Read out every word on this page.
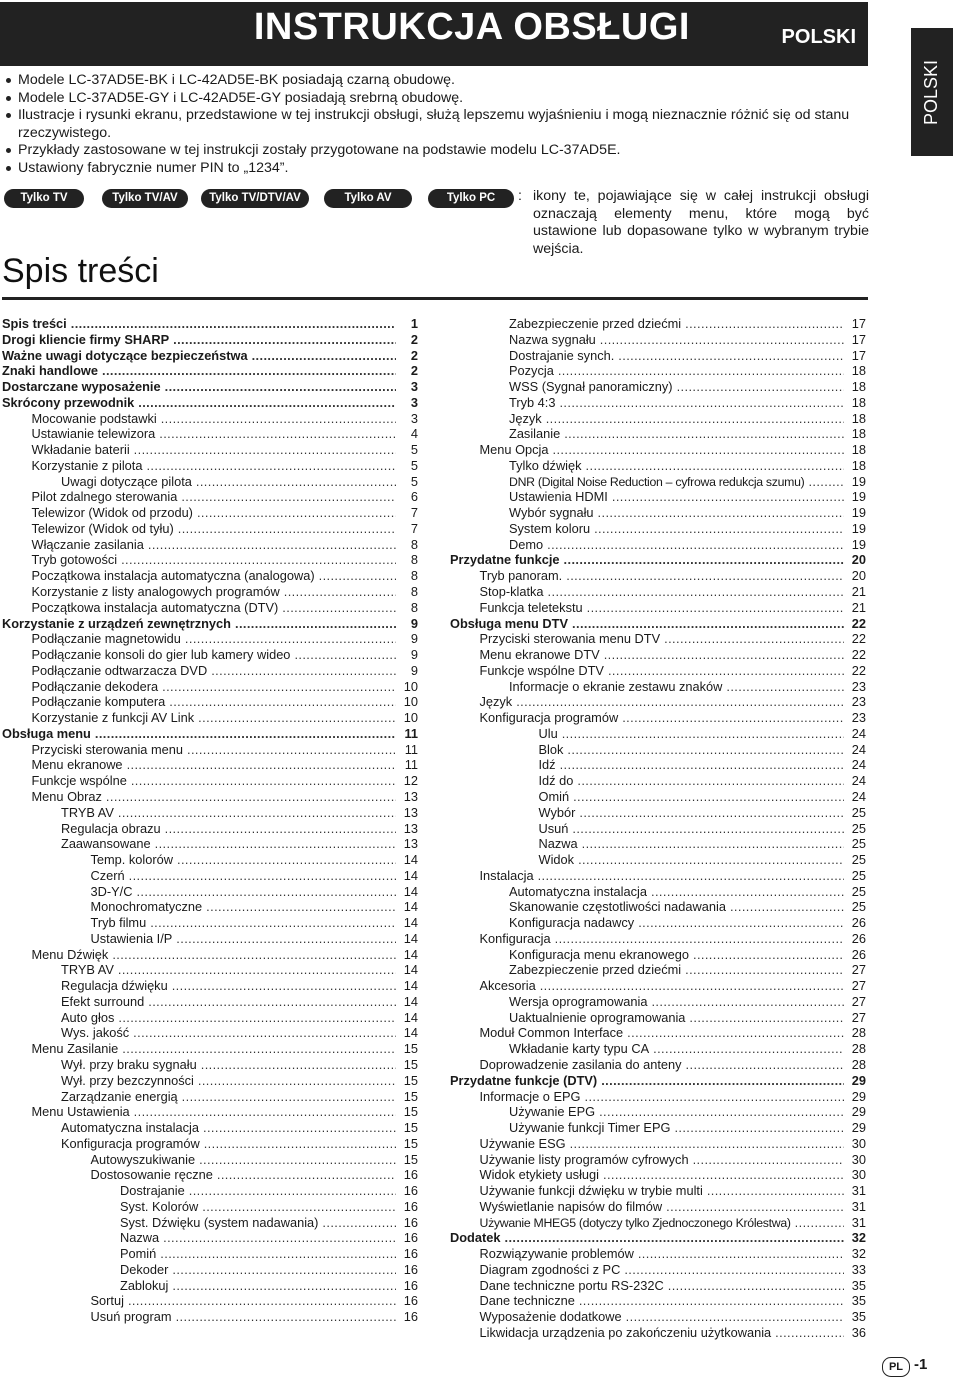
INSTRUKCJA OBSŁUGI	POLSKI
POLSKI
Modele LC-37AD5E-BK i LC-42AD5E-BK posiadają czarną obudowę.
Modele LC-37AD5E-GY i LC-42AD5E-GY posiadają srebrną obudowę.
Ilustracje i rysunki ekranu, przedstawione w tej instrukcji obsługi, służą lepszemu wyjaśnieniu i mogą nieznacznie różnić się od stanu rzeczywistego.
Przykłady zastosowane w tej instrukcji zostały przygotowane na podstawie modelu LC-37AD5E.
Ustawiony fabrycznie numer PIN to „1234”.
Tylko TV	Tylko TV/AV	Tylko TV/DTV/AV	Tylko AV	Tylko PC	: ikony te, pojawiające się w całej instrukcji obsługi oznaczają elementy menu, które mogą być ustawione lub dopasowane tylko w wybranym trybie wejścia.
Spis treści
Spis treści .....	1
Drogi kliencie firmy SHARP .....	2
Ważne uwagi dotyczące bezpieczeństwa .....	2
Znaki handlowe .....	2
Dostarczane wyposażenie .....	3
Skrócony przewodnik .....	3
Mocowanie podstawki .....	3
Ustawianie telewizora .....	4
Wkładanie baterii .....	5
Korzystanie z pilota .....	5
Uwagi dotyczące pilota .....	5
Pilot zdalnego sterowania .....	6
Telewizor (Widok od przodu) .....	7
Telewizor (Widok od tyłu) .....	7
Włączanie zasilania .....	8
Tryb gotowości .....	8
Początkowa instalacja automatyczna (analogowa) .....	8
Korzystanie z listy analogowych programów .....	8
Początkowa instalacja automatyczna (DTV) .....	8
Korzystanie z urządzeń zewnętrznych .....	9
Podłączanie magnetowidu .....	9
Podłączanie konsoli do gier lub kamery wideo .....	9
Podłączanie odtwarzacza DVD .....	9
Podłączanie dekodera .....	10
Podłączanie komputera .....	10
Korzystanie z funkcji AV Link .....	10
Obsługa menu .....	11
Przyciski sterowania menu .....	11
Menu ekranowe .....	11
Funkcje wspólne .....	12
Menu Obraz .....	13
TRYB AV .....	13
Regulacja obrazu .....	13
Zaawansowane .....	13
Temp. kolorów .....	14
Czerń .....	14
3D-Y/C .....	14
Monochromatyczne .....	14
Tryb filmu .....	14
Ustawienia I/P .....	14
Menu Dźwięk .....	14
TRYB AV .....	14
Regulacja dźwięku .....	14
Efekt surround .....	14
Auto głos .....	14
Wys. jakość .....	14
Menu Zasilanie .....	15
Wył. przy braku sygnału .....	15
Wył. przy bezczynności .....	15
Zarządzanie energią .....	15
Menu Ustawienia .....	15
Automatyczna instalacja .....	15
Konfiguracja programów .....	15
Autowyszukiwanie .....	15
Dostosowanie ręczne .....	16
Dostrajanie .....	16
Syst. Kolorów .....	16
Syst. Dźwięku (system nadawania) .....	16
Nazwa .....	16
Pomiń .....	16
Dekoder .....	16
Zablokuj .....	16
Sortuj .....	16
Usuń program .....	16
Zabezpieczenie przed dziećmi .....	17
Nazwa sygnału .....	17
Dostrajanie synch. .....	17
Pozycja .....	18
WSS (Sygnał panoramiczny) .....	18
Tryb 4:3 .....	18
Język .....	18
Zasilanie .....	18
Menu Opcja .....	18
Tylko dźwięk .....	18
DNR (Digital Noise Reduction – cyfrowa redukcja szumu) .....	19
Ustawienia HDMI .....	19
Wybór sygnału .....	19
System koloru .....	19
Demo .....	19
Przydatne funkcje .....	20
Tryb panoram. .....	20
Stop-klatka .....	21
Funkcja teletekstu .....	21
Obsługa menu DTV .....	22
Przyciski sterowania menu DTV .....	22
Menu ekranowe DTV .....	22
Funkcje wspólne DTV .....	22
Informacje o ekranie zestawu znaków .....	23
Język .....	23
Konfiguracja programów .....	23
Ulu .....	24
Blok .....	24
Idź .....	24
Idź do .....	24
Omiń .....	24
Wybór .....	25
Usuń .....	25
Nazwa .....	25
Widok .....	25
Instalacja .....	25
Automatyczna instalacja .....	25
Skanowanie częstotliwości nadawania .....	25
Konfiguracja nadawcy .....	26
Konfiguracja .....	26
Konfiguracja menu ekranowego .....	26
Zabezpieczenie przed dziećmi .....	27
Akcesoria .....	27
Wersja oprogramowania .....	27
Uaktualnienie oprogramowania .....	27
Moduł Common Interface .....	28
Wkładanie karty typu CA .....	28
Doprowadzenie zasilania do anteny .....	28
Przydatne funkcje (DTV) .....	29
Informacje o EPG .....	29
Używanie EPG .....	29
Używanie funkcji Timer EPG .....	29
Używanie ESG .....	30
Używanie listy programów cyfrowych .....	30
Widok etykiety usługi .....	30
Używanie funkcji dźwięku w trybie multi .....	31
Wyświetlanie napisów do filmów .....	31
Używanie MHEG5 (dotyczy tylko Zjednoczonego Królestwa) .....	31
Dodatek .....	32
Rozwiązywanie problemów .....	32
Diagram zgodności z PC .....	33
Dane techniczne portu RS-232C .....	35
Dane techniczne .....	35
Wyposażenie dodatkowe .....	35
Likwidacja urządzenia po zakończeniu użytkowania .....	36
PL -1
